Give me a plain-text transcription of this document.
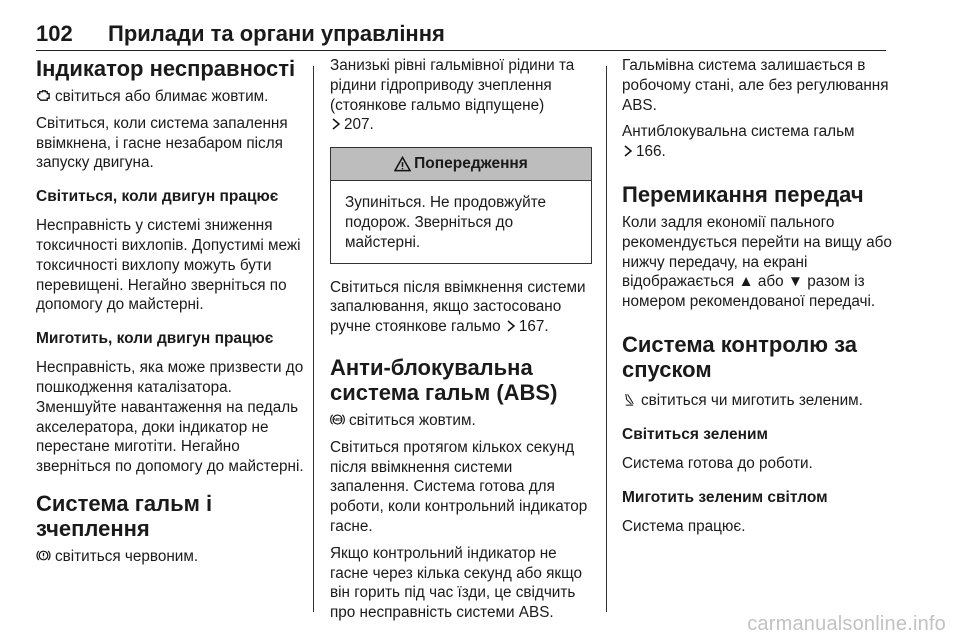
102	Прилади та органи управління
Індикатор несправності

світиться або блимає жовтим.

Світиться, коли система запалення ввімкнена, і гасне незабаром після запуску двигуна.

Світиться, коли двигун працює

Несправність у системі зниження токсичності вихлопів. Допустимі межі токсичності вихлопу можуть бути перевищені. Негайно зверніться по допомогу до майстерні.

Миготить, коли двигун працює

Несправність, яка може призвести до пошкодження каталізатора. Зменшуйте навантаження на педаль акселератора, доки індикатор не перестане миготіти. Негайно зверніться по допомогу до майстерні.

Система гальм і
зчеплення

світиться червоним.

Занизькі рівні гальмівної рідини та рідини гідроприводу зчеплення (стоянкове гальмо відпущене)
207.

Попередження
Зупиніться. Не продовжуйте подорож. Зверніться до майстерні.

Світиться після ввімкнення системи запалювання, якщо застосовано ручне стоянкове гальмо 167.

Анти-блокувальна
система гальм (ABS)

ABS світиться жовтим.

Світиться протягом кількох секунд після ввімкнення системи запалення. Система готова для роботи, коли контрольний індикатор гасне.

Якщо контрольний індикатор не гасне через кілька секунд або якщо він горить під час їзди, це свідчить про несправність системи ABS.

Гальмівна система залишається в робочому стані, але без регулювання ABS.

Антиблокувальна система гальм
166.

Перемикання передач

Коли задля економії пального рекомендується перейти на вищу або нижчу передачу, на екрані відображається ▲ або ▼ разом із номером рекомендованої передачі.

Система контролю за
спуском

світиться чи миготить зеленим.

Світиться зеленим

Система готова до роботи.

Миготить зеленим світлом

Система працює.

carmanualsonline.info
